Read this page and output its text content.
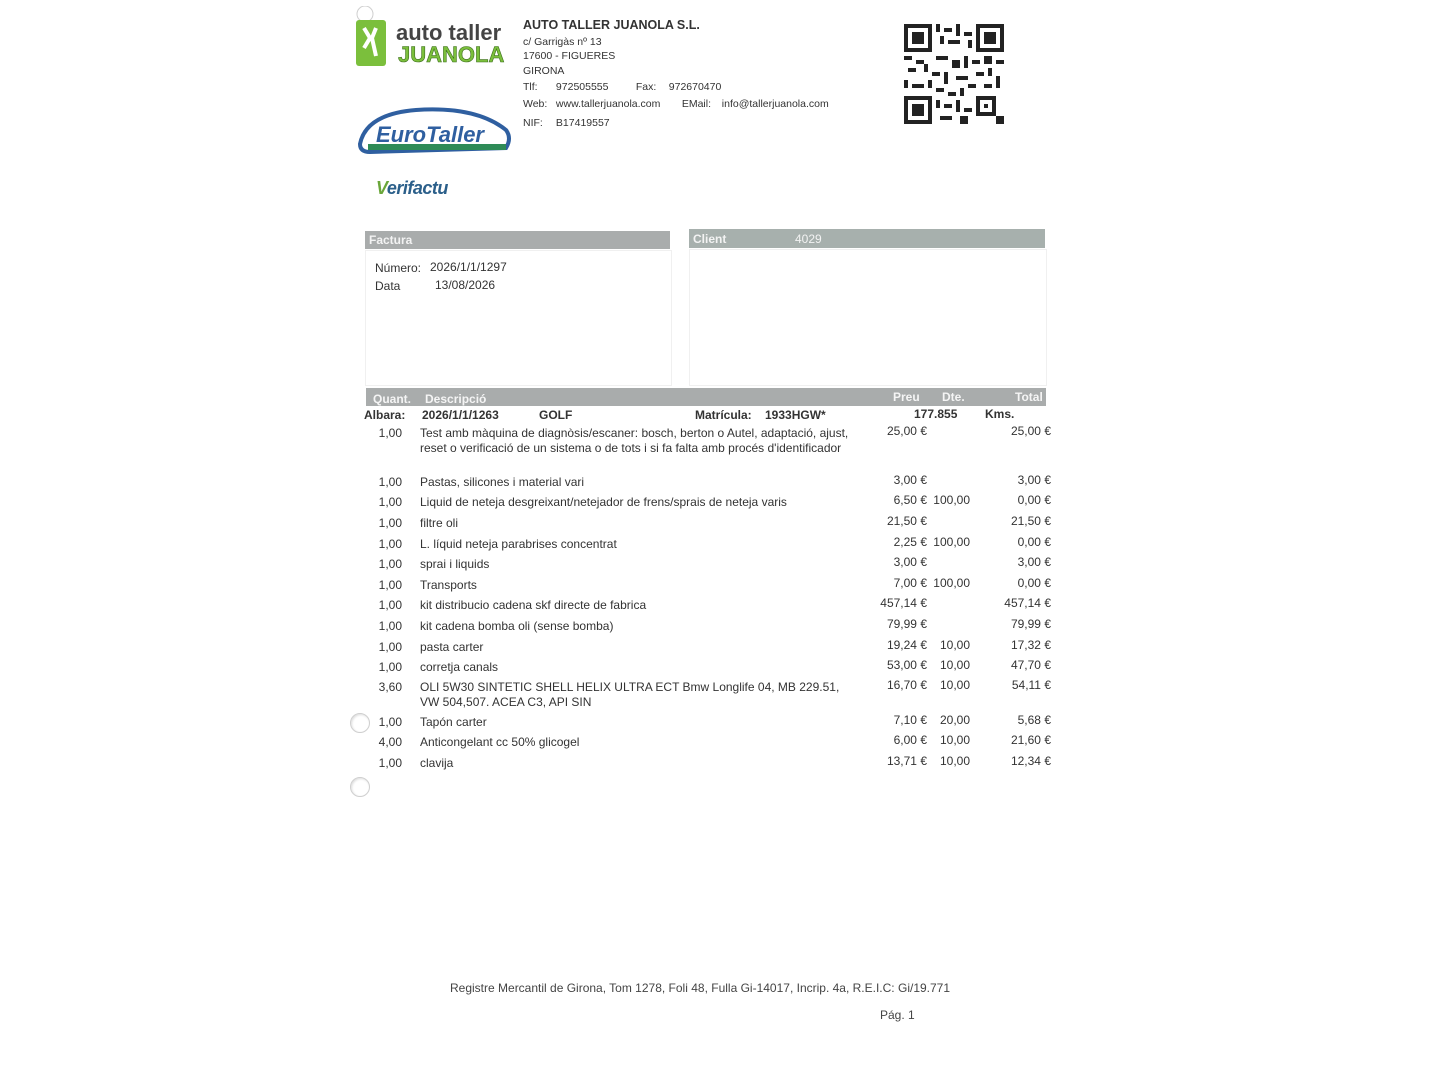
auto taller
JUANOLA
EuroTaller
Verifactu
AUTO TALLER JUANOLA S.L.
c/ Garrigàs nº 13
17600 - FIGUERES
GIRONA
Tlf: 972505555	Fax: 972670470
Web: www.tallerjuanola.com EMail: info@tallerjuanola.com
NIF: B17419557
Factura	Client	4029
Número: 2026/1/1/1297
Data	13/08/2026
Quant. Descripció	Preu Dte.	Total
Albara: 2026/1/1/1263	GOLF	Matrícula: 1933HGW*	177.855 Kms.
1,00 Test amb màquina de diagnòsis/escaner: bosch, berton o Autel, adaptació, ajust, reset o verificació de un sistema o de tots i si fa falta amb procés d'identificador
25,00 €	25,00 €
1,00 Pastas, silicones i material vari	3,00 €	3,00 €
1,00 Liquid de neteja desgreixant/netejador de frens/sprais de neteja varis	6,50 € 100,00	0,00 €
1,00 filtre oli	21,50 €	21,50 €
1,00 L. líquid neteja parabrises concentrat	2,25 € 100,00	0,00 €
1,00 sprai i liquids	3,00 €	3,00 €
1,00 Transports	7,00 € 100,00	0,00 €
1,00 kit distribucio cadena skf directe de fabrica	457,14 €	457,14 €
1,00 kit cadena bomba oli (sense bomba)	79,99 €	79,99 €
1,00 pasta carter	19,24 €	10,00	17,32 €
1,00 corretja canals	53,00 €	10,00	47,70 €
3,60 OLI 5W30 SINTETIC SHELL HELIX ULTRA ECT Bmw Longlife 04, MB 229.51, VW 504,507. ACEA C3, API SIN
16,70 €	10,00	54,11 €
1,00 Tapón carter	7,10 €	20,00	5,68 €
4,00 Anticongelant cc 50% glicogel	6,00 €	10,00	21,60 €
1,00 clavija	13,71 €	10,00	12,34 €
Registre Mercantil de Girona, Tom 1278, Foli 48, Fulla Gi-14017, Incrip. 4a, R.E.I.C: Gi/19.771
Pág. 1
